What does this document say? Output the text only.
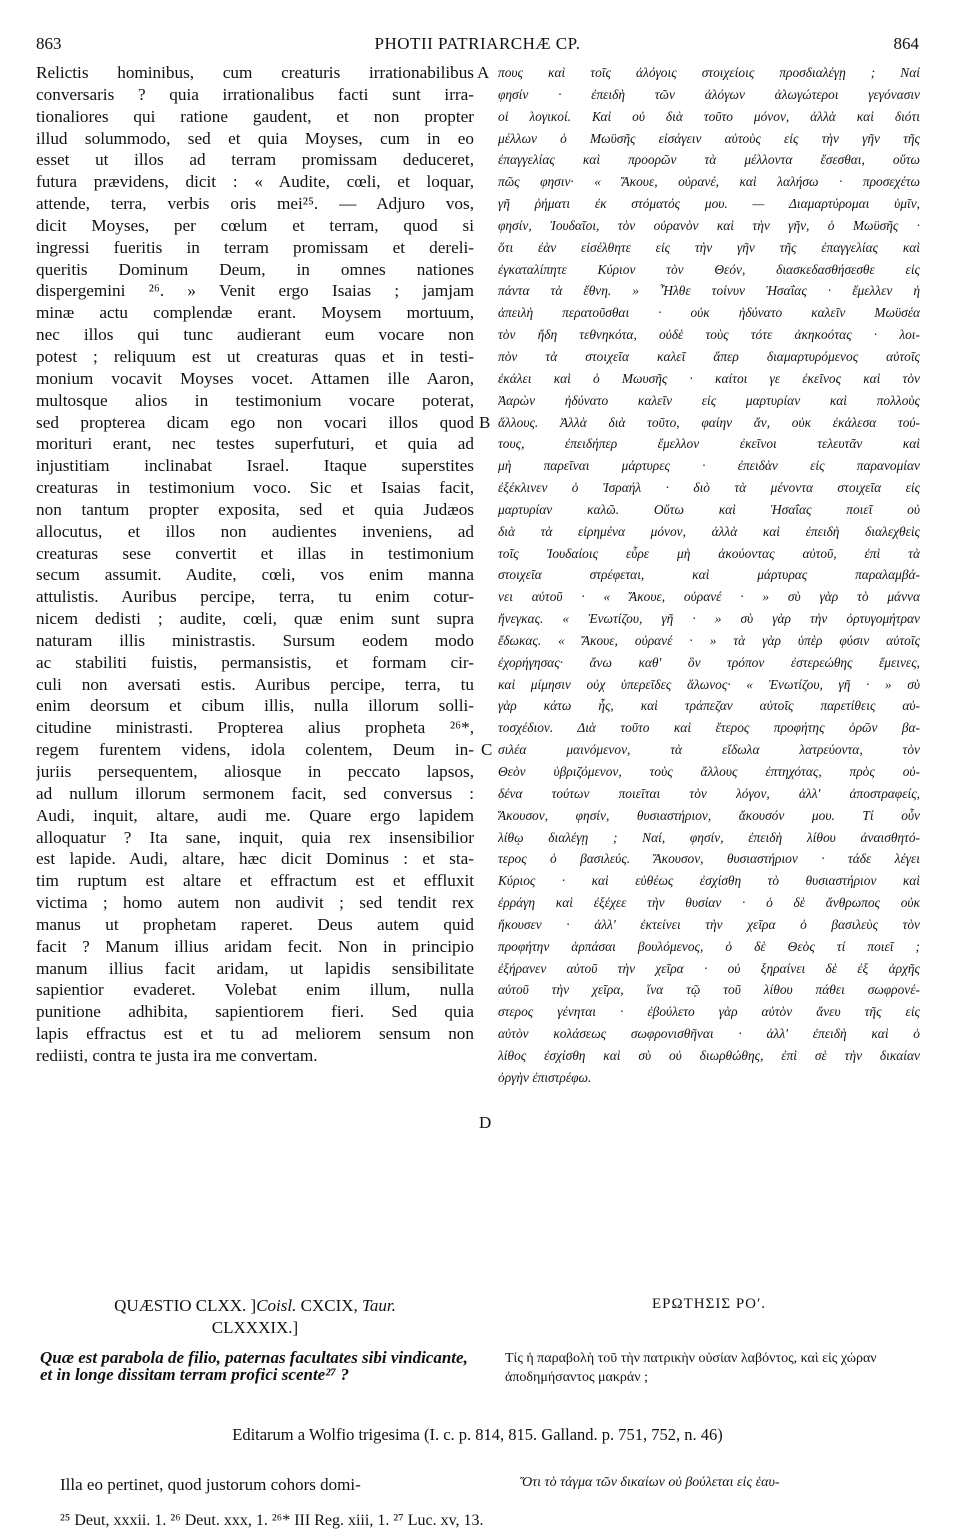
863	PHOTII PATRIARCHÆ CP.	864
Relictis hominibus, cum creaturis irrationabilibus
conversaris ? quia irrationalibus facti sunt irra-
tionaliores qui ratione gaudent, et non propter
illud solummodo, sed et quia Moyses, cum in eo
esset ut illos ad terram promissam deduceret,
futura prævidens, dicit : « Audite, cœli, et loquar,
attende, terra, verbis oris mei²⁵. — Adjuro vos,
dicit Moyses, per cœlum et terram, quod si
ingressi fueritis in terram promissam et dereli-
queritis Dominum Deum, in omnes nationes
dispergemini ²⁶. » Venit ergo Isaias ; jamjam
minæ actu complendæ erant. Moysem mortuum,
nec illos qui tunc audierant eum vocare non
potest ; reliquum est ut creaturas quas et in testi-
monium vocavit Moyses vocet. Attamen ille Aaron,
multosque alios in testimonium vocare poterat,
sed propterea dicam ego non vocari illos quod
morituri erant, nec testes superfuturi, et quia ad
injustitiam inclinabat Israel. Itaque superstites
creaturas in testimonium voco. Sic et Isaias facit,
non tantum propter exposita, sed et quia Judæos
allocutus, et illos non audientes inveniens, ad
creaturas sese convertit et illas in testimonium
secum assumit. Audite, cœli, vos enim manna
attulistis. Auribus percipe, terra, tu enim cotur-
nicem dedisti ; audite, cœli, quæ enim sunt supra
naturam illis ministrastis. Sursum eodem modo
ac stabiliti fuistis, permansistis, et formam cir-
culi non aversati estis. Auribus percipe, terra, tu
enim deorsum et cibum illis, nulla illorum solli-
citudine ministrasti. Propterea alius propheta ²⁶*,
regem furentem videns, idola colentem, Deum in-
juriis persequentem, aliosque in peccato lapsos,
ad nullum illorum sermonem facit, sed conversus :
Audi, inquit, altare, audi me. Quare ergo lapidem
alloquatur ? Ita sane, inquit, quia rex insensibilior
est lapide. Audi, altare, hæc dicit Dominus : et sta-
tim ruptum est altare et effractum est et effluxit
victima ; homo autem non audivit ; sed tendit rex
manus ut prophetam raperet. Deus autem quid
facit ? Manum illius aridam fecit. Non in principio
manum illius facit aridam, ut lapidis sensibilitate
sapientior evaderet. Volebat enim illum, nulla
punitione adhibita, sapientiorem fieri. Sed quia
lapis effractus est et tu ad meliorem sensum non
rediisti, contra te justa ira me convertam.
πους καὶ τοῖς ἀλόγοις στοιχείοις προσδιαλέγῃ ; Ναί
φησίν · ἐπειδὴ τῶν ἀλόγων ἀλωγώτεροι γεγόνασιν
οἱ λογικοί. Καὶ οὐ διὰ τοῦτο μόνον, ἀλλὰ καὶ διότι
μέλλων ὁ Μωϋσῆς εἰσάγειν αὐτοὺς εἰς τὴν γῆν τῆς
ἐπαγγελίας καὶ προορῶν τὰ μέλλοντα ἔσεσθαι, οὕτω
πῶς φησιν· « Ἄκουε, οὐρανέ, καὶ λαλήσω · προσεχέτω
γῆ ῥήματι ἐκ στόματός μου. — Διαμαρτύρομαι ὑμῖν,
φησίν, Ἰουδαῖοι, τὸν οὐρανὸν καὶ τὴν γῆν, ὁ Μωϋσῆς ·
ὅτι ἐὰν εἰσέλθητε εἰς τὴν γῆν τῆς ἐπαγγελίας καὶ
ἐγκαταλίπητε Κύριον τὸν Θεόν, διασκεδασθήσεσθε εἰς
πάντα τὰ ἔθνη. » Ἦλθε τοίνυν Ἡσαΐας · ἔμελλεν ἡ
ἀπειλὴ περατοῦσθαι · οὐκ ἠδύνατο καλεῖν Μωϋσέα
τὸν ἤδη τεθνηκότα, οὐδὲ τοὺς τότε ἀκηκοότας · λοι-
πὸν τὰ στοιχεῖα καλεῖ ἅπερ διαμαρτυρόμενος αὐτοῖς
ἐκάλει καὶ ὁ Μωυσῆς · καίτοι γε ἐκεῖνος καὶ τὸν
Ἀαρὼν ἠδύνατο καλεῖν εἰς μαρτυρίαν καὶ πολλοὺς
ἄλλους. Ἀλλὰ διὰ τοῦτο, φαίην ἄν, οὐκ ἐκάλεσα τού-
τους, ἐπειδήπερ ἔμελλον ἐκεῖνοι τελευτᾶν καὶ
μὴ παρεῖναι μάρτυρες · ἐπειδὰν εἰς παρανομίαν
ἐξέκλινεν ὁ Ἰσραήλ · διὸ τὰ μένοντα στοιχεῖα εἰς
μαρτυρίαν καλῶ. Οὕτω καὶ Ἡσαΐας ποιεῖ οὐ
διὰ τὰ εἰρημένα μόνον, ἀλλὰ καὶ ἐπειδὴ διαλεχθεὶς
τοῖς Ἰουδαίοις εὗρε μὴ ἀκούοντας αὐτοῦ, ἐπὶ τὰ
στοιχεῖα στρέφεται, καὶ μάρτυρας παραλαμβά-
νει αὐτοῦ · « Ἄκουε, οὐρανέ · » σὺ γὰρ τὸ μάννα
ἤνεγκας. « Ἐνωτίζου, γῆ · » σὺ γὰρ τὴν ὀρτυγομήτραν
ἔδωκας. « Ἄκουε, οὐρανέ · » τὰ γὰρ ὑπὲρ φύσιν αὐτοῖς
ἐχορήγησας· ἄνω καθ' ὃν τρόπον ἐστερεώθης ἔμεινες,
καὶ μίμησιν οὐχ ὑπερεῖδες ἅλωνος· « Ἐνωτίζου, γῆ · » σὺ
γὰρ κάτω ἧς, καὶ τράπεζαν αὐτοῖς παρετίθεις αὐ-
τοσχέδιον. Διὰ τοῦτο καὶ ἕτερος προφήτης ὁρῶν βα-
σιλέα μαινόμενον, τὰ εἴδωλα λατρεύοντα, τὸν
Θεὸν ὑβριζόμενον, τοὺς ἄλλους ἐπτηχότας, πρὸς οὐ-
δένα τούτων ποιεῖται τὸν λόγον, ἀλλ' ἀποστραφείς,
Ἄκουσον, φησίν, θυσιαστήριον, ἄκουσόν μου. Τί οὖν
λίθῳ διαλέγῃ ; Ναί, φησίν, ἐπειδὴ λίθου ἀναισθητό-
τερος ὁ βασιλεύς. Ἄκουσον, θυσιαστήριον · τάδε λέγει
Κύριος · καὶ εὐθέως ἐσχίσθη τὸ θυσιαστήριον καὶ
ἐρράγη καὶ ἐξέχεε τὴν θυσίαν · ὁ δὲ ἄνθρωπος οὐκ
ἤκουσεν · ἀλλ' ἐκτείνει τὴν χεῖρα ὁ βασιλεὺς τὸν
προφήτην ἁρπάσαι βουλόμενος, ὁ δὲ Θεὸς τί ποιεῖ ;
ἐξήρανεν αὐτοῦ τὴν χεῖρα · οὐ ξηραίνει δὲ ἐξ ἀρχῆς
αὐτοῦ τὴν χεῖρα, ἵνα τῷ τοῦ λίθου πάθει σωφρονέ-
στερος γένηται · ἐβούλετο γὰρ αὐτὸν ἄνευ τῆς εἰς
αὐτὸν κολάσεως σωφρονισθῆναι · ἀλλ' ἐπειδὴ καὶ ὁ
λίθος ἐσχίσθη καὶ σὺ οὐ διωρθώθης, ἐπὶ σὲ τὴν δικαίαν
ὀργὴν ἐπιστρέφω.
A
B
C
D
QUÆSTIO CLXX. ]Coisl. CXCIX, Taur.
CLXXXIX.]
ΕΡΩΤΗΣΙΣ ΡΟʹ.
Quæ est parabola de filio, paternas facultates sibi vindicante, et in longe dissitam terram profici scente²⁷ ?
Τίς ἡ παραβολὴ τοῦ τὴν πατρικὴν οὐσίαν λαβόντος, καὶ εἰς χώραν ἀποδημήσαντος μακράν ;
Editarum a Wolfio trigesima (I. c. p. 814, 815. Galland. p. 751, 752, n. 46)
Illa eo pertinet, quod justorum cohors domi-	Ὅτι τὸ τάγμα τῶν δικαίων οὐ βούλεται εἰς ἑαυ-
²⁵ Deut, xxxii. 1. ²⁶ Deut. xxx, 1. ²⁶* III Reg. xiii, 1. ²⁷ Luc. xv, 13.
